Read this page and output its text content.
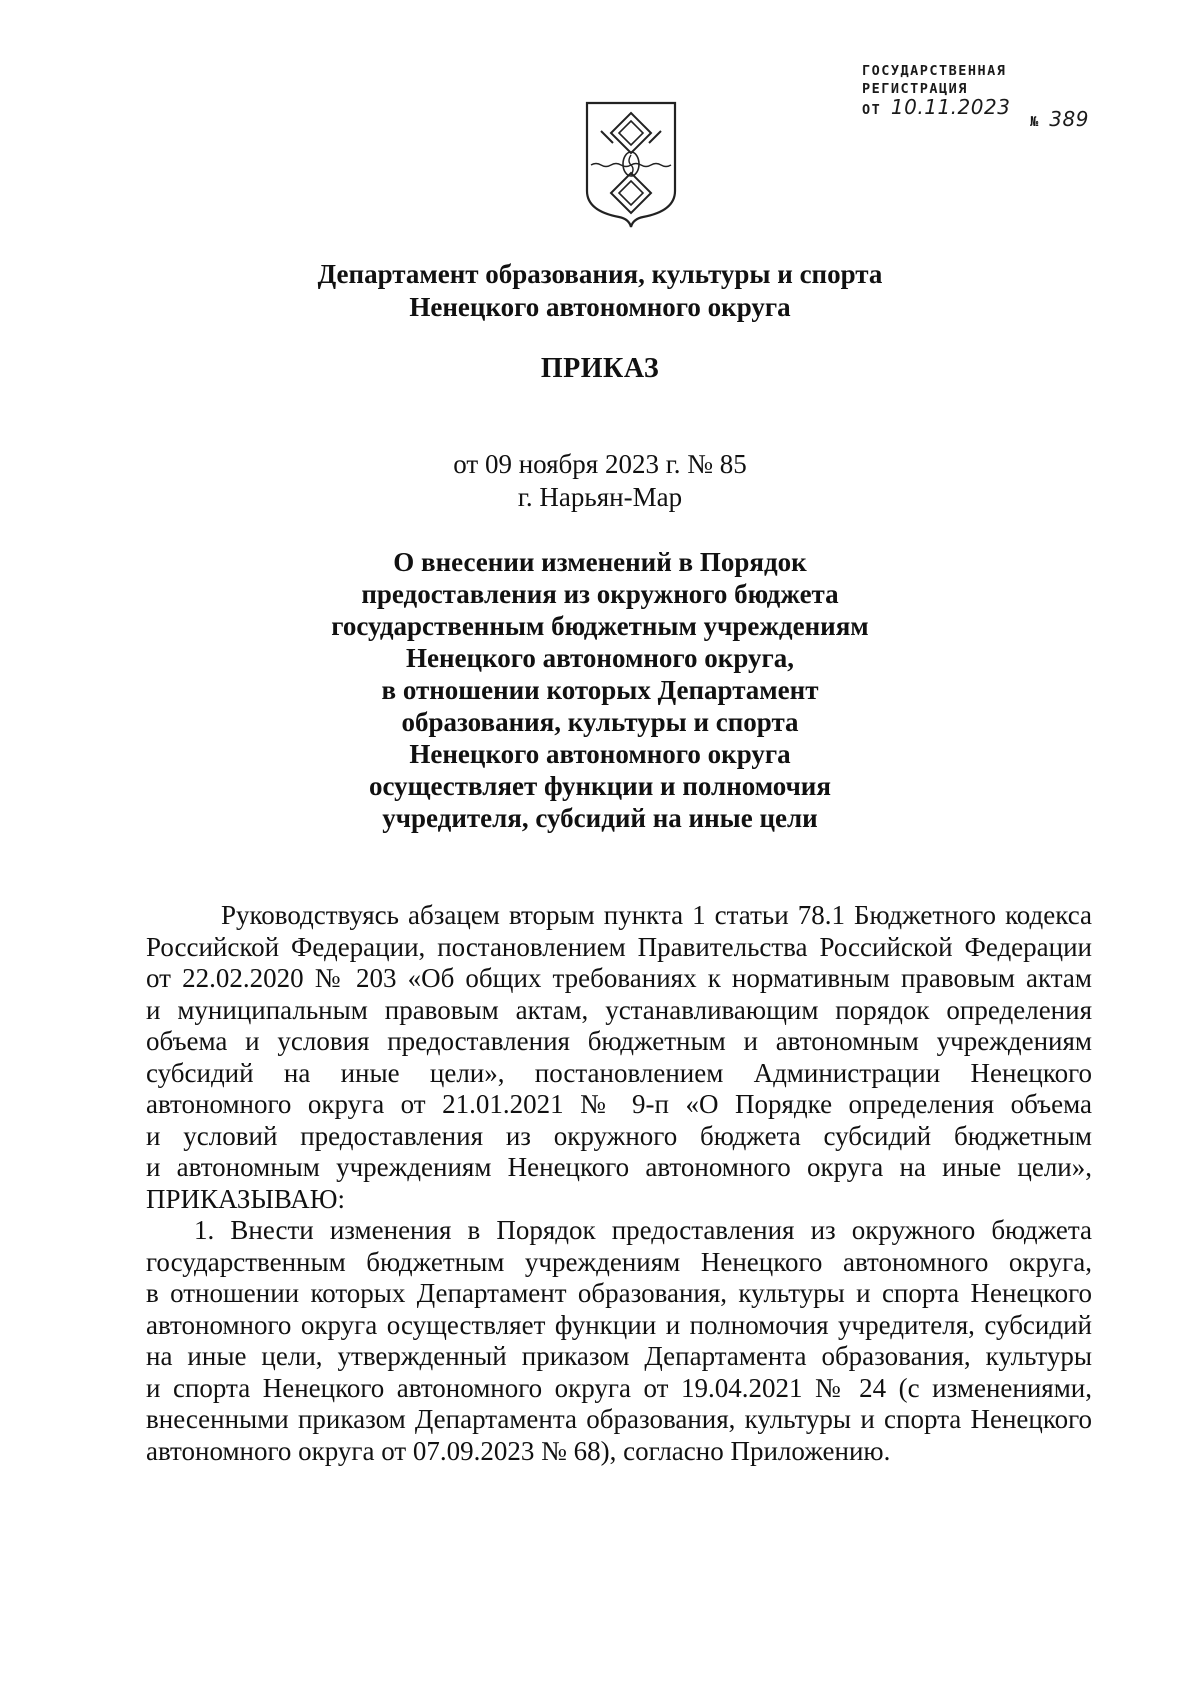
ГОСУДАРСТВЕННАЯ
РЕГИСТРАЦИЯ
ОТ 10.11.2023
№ 389
Департамент образования, культуры и спорта
Ненецкого автономного округа
ПРИКАЗ
от 09 ноября 2023 г. № 85
г. Нарьян-Мар
О внесении изменений в Порядок
предоставления из окружного бюджета
государственным бюджетным учреждениям
Ненецкого автономного округа,
в отношении которых Департамент
образования, культуры и спорта
Ненецкого автономного округа
осуществляет функции и полномочия
учредителя, субсидий на иные цели
Руководствуясь абзацем вторым пункта 1 статьи 78.1 Бюджетного кодекса
Российской Федерации, постановлением Правительства Российской Федерации
от 22.02.2020 № 203 «Об общих требованиях к нормативным правовым актам
и муниципальным правовым актам, устанавливающим порядок определения
объема и условия предоставления бюджетным и автономным учреждениям
субсидий на иные цели», постановлением Администрации Ненецкого
автономного округа от 21.01.2021 № 9-п «О Порядке определения объема
и условий предоставления из окружного бюджета субсидий бюджетным
и автономным учреждениям Ненецкого автономного округа на иные цели»,
ПРИКАЗЫВАЮ:
1. Внести изменения в Порядок предоставления из окружного бюджета
государственным бюджетным учреждениям Ненецкого автономного округа,
в отношении которых Департамент образования, культуры и спорта Ненецкого
автономного округа осуществляет функции и полномочия учредителя, субсидий
на иные цели, утвержденный приказом Департамента образования, культуры
и спорта Ненецкого автономного округа от 19.04.2021 № 24 (с изменениями,
внесенными приказом Департамента образования, культуры и спорта Ненецкого
автономного округа от 07.09.2023 № 68), согласно Приложению.
